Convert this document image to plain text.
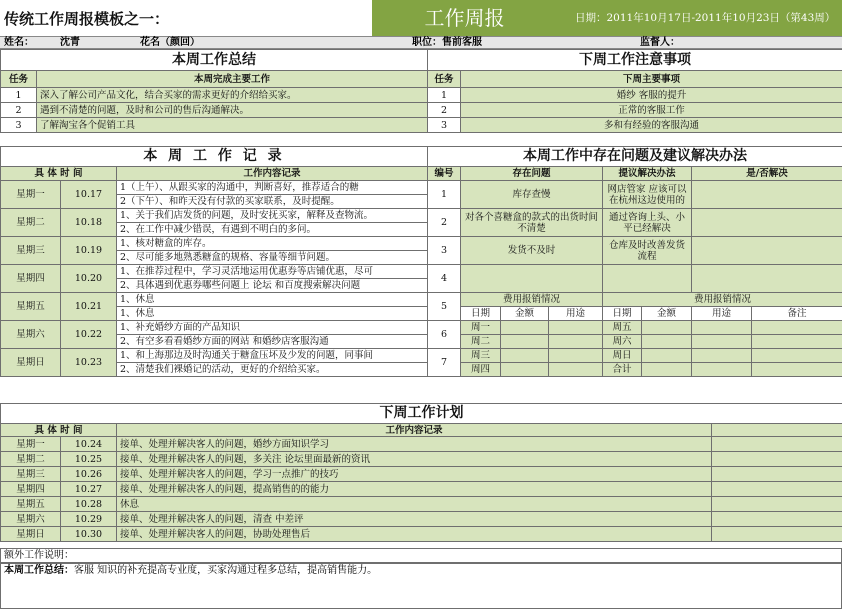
传统工作周报模板之一：	工作周报	日期：2011年10月17日-2011年10月23日（第43周）
姓名：	沈青	花名（颜回）	职位：售前客服	监督人：
本周工作总结	
任务	本周完成主要工作
1	深入了解公司产品文化，结合买家的需求更好的介绍给买家。
2	遇到不清楚的问题，及时和公司的售后沟通解决。
3	了解淘宝各个促销工具
下周工作注意事项	
任务	下周主要事项
1	婚纱 客服的提升
2	正常的客服工作
3	多和有经验的客服沟通
本 周 工 作 记 录		
具 体 时 间		工作内容记录
星期一	10.17	1（上午）、从跟买家的沟通中，判断喜好，推荐适合的糖
		2（下午）、和昨天没有付款的买家联系，及时提醒。
星期二	10.18	1、关于我们店发货的问题，及时安抚买家，解释及查物流。
		2、在工作中减少错误，有遇到不明白的多问。
星期三	10.19	1、核对糖盒的库存。
		2、尽可能多地熟悉糖盒的规格、容量等细节问题。
星期四	10.20	1、在推荐过程中，学习灵活地运用优惠券等店铺优惠，尽可
		2、具体遇到优惠券哪些问题上 论坛 和百度搜索解决问题
星期五	10.21	1、休息
		1、休息
星期六	10.22	1、补充婚纱方面的产品知识
		2、有空多看看婚纱方面的网站 和婚纱店客服沟通
星期日	10.23	1、和上海那边及时沟通关于糖盒压坏及少发的问题，同事间
		2、清楚我们裸婚记的活动，更好的介绍给买家。
本周工作中存在问题及建议解决办法							
编号	存在问题			提议解决办法		是/否解决	
1	库存查慢			网店管家 应该可以在杭州这边使用的			
2	对各个喜糖盒的款式的出货时间不清楚			通过咨询上头、小平已经解决			
3	发货不及时			仓库及时改善发货流程			
4							
5	费用报销情况			费用报销情况			
	日期	金额	用途	日期	金额	用途	备注
6	周一			周五			
	周二			周六			
7	周三			周日			
	周四			合计			
下周工作计划			
具 体 时 间		工作内容记录	
星期一	10.24	接单、处理并解决客人的问题，婚纱方面知识学习	
星期二	10.25	接单、处理并解决客人的问题，多关注 论坛里面最新的资讯	
星期三	10.26	接单、处理并解决客人的问题，学习一点推广的技巧	
星期四	10.27	接单、处理并解决客人的问题，提高销售的的能力	
星期五	10.28	休息	
星期六	10.29	接单、处理并解决客人的问题，清查 中差评	
星期日	10.30	接单、处理并解决客人的问题，协助处理售后	
额外工作说明：
本周工作总结：客服 知识的补充提高专业度，买家沟通过程多总结，提高销售能力。
